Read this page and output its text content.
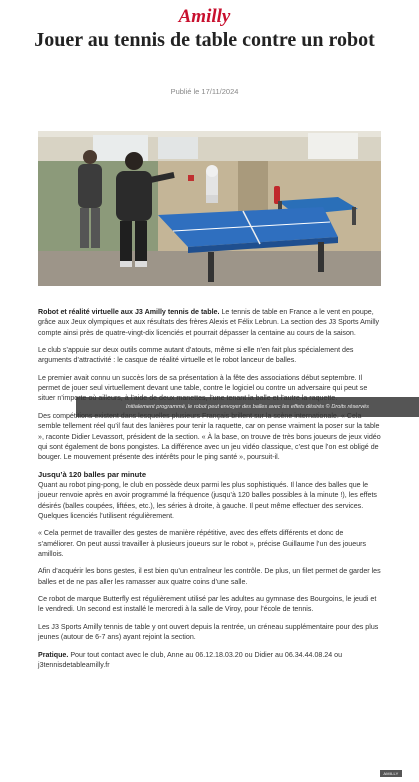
Amilly
Jouer au tennis de table contre un robot
Publié le 17/11/2024
Initialement programmé, le robot peut envoyer des balles avec les effets désirés © Droits réservés

Robot et réalité virtuelle aux J3 Amilly tennis de table. Le tennis de table en France a le vent en poupe, grâce aux Jeux olympiques et aux résultats des frères Alexis et Félix Lebrun. La section des J3 Sports Amilly compte ainsi près de quatre-vingt-dix licenciés et pourrait dépasser la centaine au cours de la saison.

Le club s’appuie sur deux outils comme autant d’atouts, même si elle n’en fait plus spécialement des arguments d’attractivité : le casque de réalité virtuelle et le robot lanceur de balles.

Le premier avait connu un succès lors de sa présentation à la fête des associations début septembre. Il permet de jouer seul virtuellement devant une table, contre le logiciel ou contre un adversaire qui peut se situer n’importe où ailleurs, à l’aide de deux manettes, l’une tenant la balle et l’autre la raquette.

Des compétitions existent dans lesquelles plusieurs Français brillent sur la scène internationale. « Cela semble tellement réel qu’il faut des lanières pour tenir la raquette, car on pense vraiment la poser sur la table », raconte Didier Levassort, président de la section. « À la base, on trouve de très bons joueurs de jeux vidéo qui sont également de bons pongistes. La différence avec un jeu vidéo classique, c’est que l’on est obligé de bouger. Le mouvement présente des intérêts pour le ping santé », poursuit-il.

Jusqu’à 120 balles par minute

Quant au robot ping-pong, le club en possède deux parmi les plus sophistiqués. Il lance des balles que le joueur renvoie après en avoir programmé la fréquence (jusqu’à 120 balles possibles à la minute !), les effets désirés (balles coupées, liftées, etc.), les séries à droite, à gauche. Il peut même effectuer des services. Quelques licenciés l’utilisent régulièrement.

« Cela permet de travailler des gestes de manière répétitive, avec des effets différents et donc de s’améliorer. On peut aussi travailler à plusieurs joueurs sur le robot », précise Guillaume l’un des joueurs amillois.

Afin d’acquérir les bons gestes, il est bien qu’un entraîneur les contrôle. De plus, un filet permet de garder les balles et de ne pas aller les ramasser aux quatre coins d’une salle.

Ce robot de marque Butterfly est régulièrement utilisé par les adultes au gymnase des Bourgoins, le jeudi et le vendredi. Un second est installé le mercredi à la salle de Viroy, pour l’école de tennis.

Les J3 Sports Amilly tennis de table y ont ouvert depuis la rentrée, un créneau supplémentaire pour des plus jeunes (autour de 6-7 ans) ayant rejoint la section.

Pratique. Pour tout contact avec le club, Anne au 06.12.18.03.20 ou Didier au 06.34.44.08.24 ou j3tennisdetableamilly.fr

AMILLY
